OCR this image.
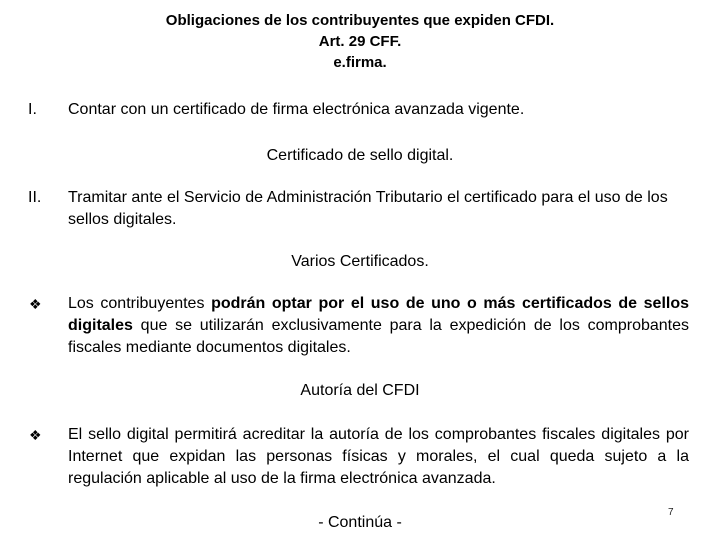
Obligaciones de los contribuyentes que expiden CFDI.
Art. 29 CFF.
e.firma.
I. Contar con un certificado de firma electrónica avanzada vigente.
Certificado de sello digital.
II. Tramitar ante el Servicio de Administración Tributario el certificado para el uso de los sellos digitales.
Varios Certificados.
❖ Los contribuyentes podrán optar por el uso de uno o más certificados de sellos digitales que se utilizarán exclusivamente para la expedición de los comprobantes fiscales mediante documentos digitales.
Autoría del CFDI
❖ El sello digital permitirá acreditar la autoría de los comprobantes fiscales digitales por Internet que expidan las personas físicas y morales, el cual queda sujeto a la regulación aplicable al uso de la firma electrónica avanzada.
- Continúa -
7
